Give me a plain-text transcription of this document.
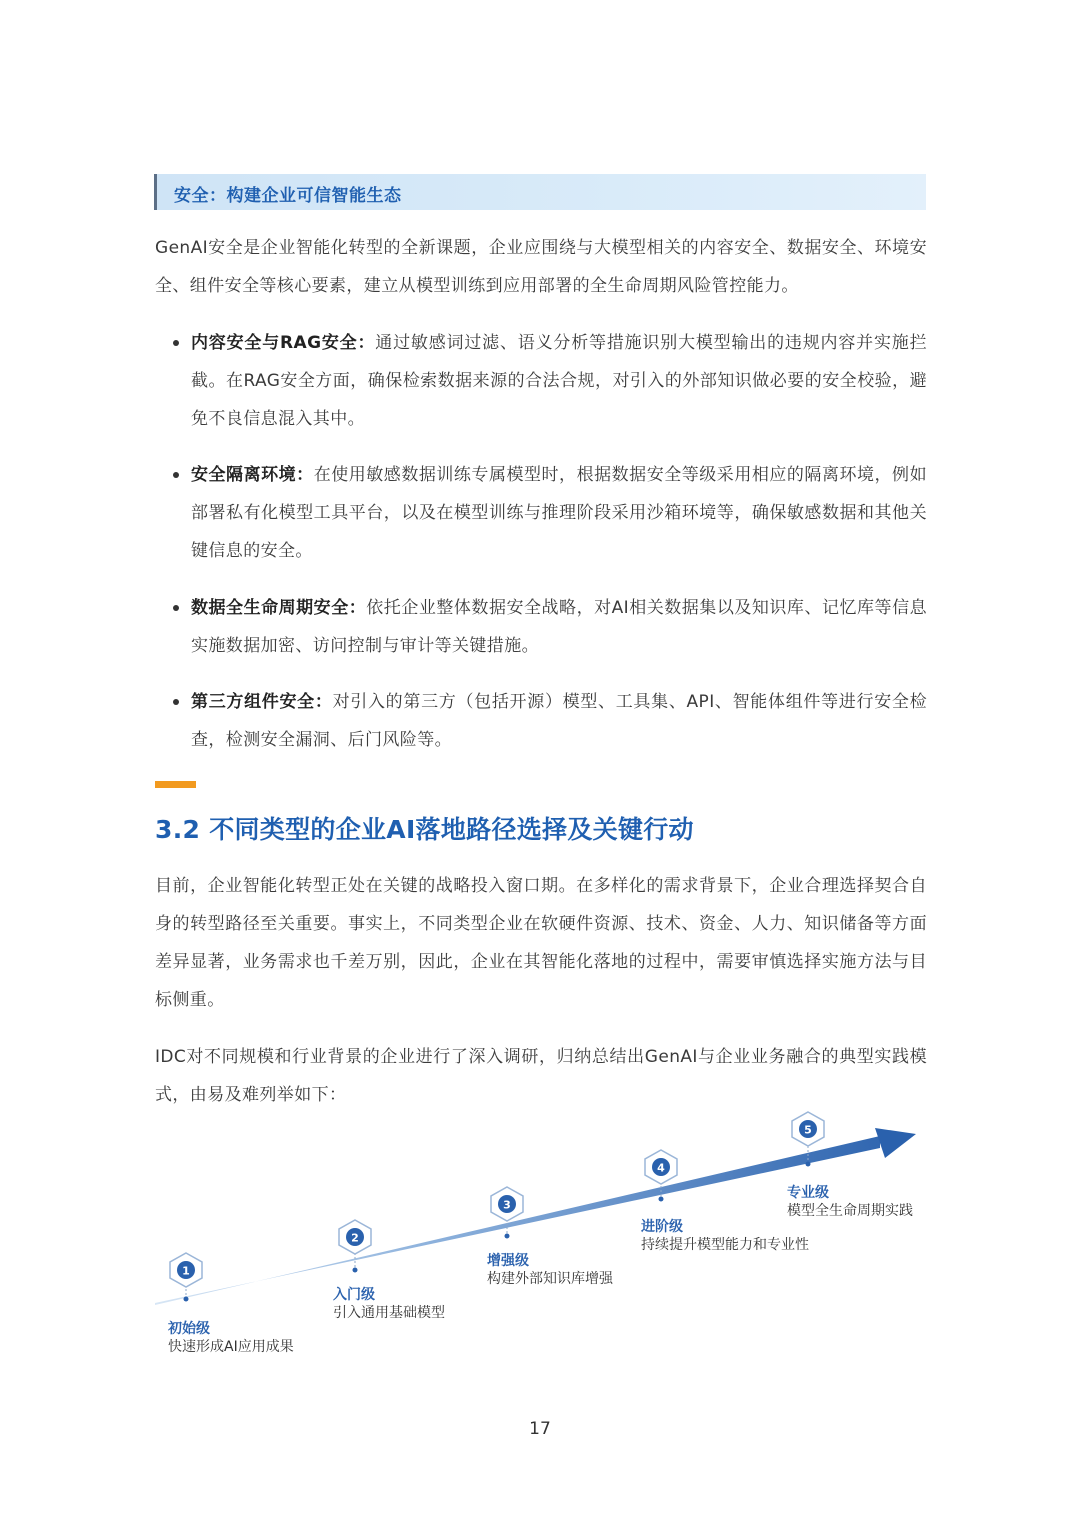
安全：构建企业可信智能生态
GenAI安全是企业智能化转型的全新课题，企业应围绕与大模型相关的内容安全、数据安全、环境安全、组件安全等核心要素，建立从模型训练到应用部署的全生命周期风险管控能力。
内容安全与RAG安全：通过敏感词过滤、语义分析等措施识别大模型输出的违规内容并实施拦截。在RAG安全方面，确保检索数据来源的合法合规，对引入的外部知识做必要的安全校验，避免不良信息混入其中。
安全隔离环境：在使用敏感数据训练专属模型时，根据数据安全等级采用相应的隔离环境，例如部署私有化模型工具平台，以及在模型训练与推理阶段采用沙箱环境等，确保敏感数据和其他关键信息的安全。
数据全生命周期安全：依托企业整体数据安全战略，对AI相关数据集以及知识库、记忆库等信息实施数据加密、访问控制与审计等关键措施。
第三方组件安全：对引入的第三方（包括开源）模型、工具集、API、智能体组件等进行安全检查，检测安全漏洞、后门风险等。
3.2 不同类型的企业AI落地路径选择及关键行动
目前，企业智能化转型正处在关键的战略投入窗口期。在多样化的需求背景下，企业合理选择契合自身的转型路径至关重要。事实上，不同类型企业在软硬件资源、技术、资金、人力、知识储备等方面差异显著，业务需求也千差万别，因此，企业在其智能化落地的过程中，需要审慎选择实施方法与目标侧重。
IDC对不同规模和行业背景的企业进行了深入调研，归纳总结出GenAI与企业业务融合的典型实践模式，由易及难列举如下：
1
2
3
4
5
初始级
快速形成AI应用成果
入门级
引入通用基础模型
增强级
构建外部知识库增强
进阶级
持续提升模型能力和专业性
专业级
模型全生命周期实践
17
